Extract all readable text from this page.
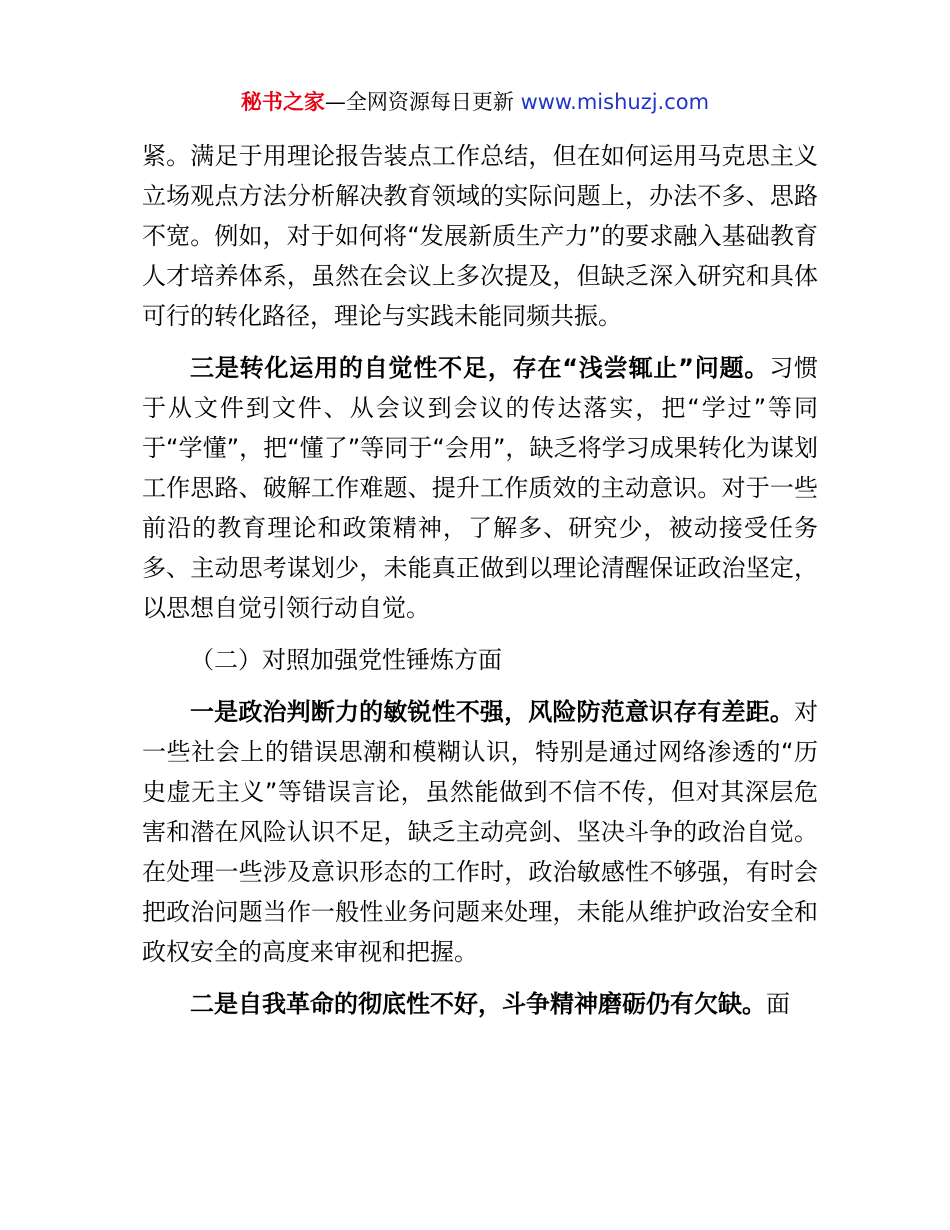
秘书之家—全网资源每日更新 www.mishuzj.com

紧。满足于用理论报告装点工作总结，但在如何运用马克思主义立场观点方法分析解决教育领域的实际问题上，办法不多、思路不宽。例如，对于如何将“发展新质生产力”的要求融入基础教育人才培养体系，虽然在会议上多次提及，但缺乏深入研究和具体可行的转化路径，理论与实践未能同频共振。

三是转化运用的自觉性不足，存在“浅尝辄止”问题。习惯于从文件到文件、从会议到会议的传达落实，把“学过”等同于“学懂”，把“懂了”等同于“会用”，缺乏将学习成果转化为谋划工作思路、破解工作难题、提升工作质效的主动意识。对于一些前沿的教育理论和政策精神，了解多、研究少，被动接受任务多、主动思考谋划少，未能真正做到以理论清醒保证政治坚定，以思想自觉引领行动自觉。

（二）对照加强党性锤炼方面

一是政治判断力的敏锐性不强，风险防范意识存有差距。对一些社会上的错误思潮和模糊认识，特别是通过网络渗透的“历史虚无主义”等错误言论，虽然能做到不信不传，但对其深层危害和潜在风险认识不足，缺乏主动亮剑、坚决斗争的政治自觉。在处理一些涉及意识形态的工作时，政治敏感性不够强，有时会把政治问题当作一般性业务问题来处理，未能从维护政治安全和政权安全的高度来审视和把握。

二是自我革命的彻底性不好，斗争精神磨砺仍有欠缺。面
